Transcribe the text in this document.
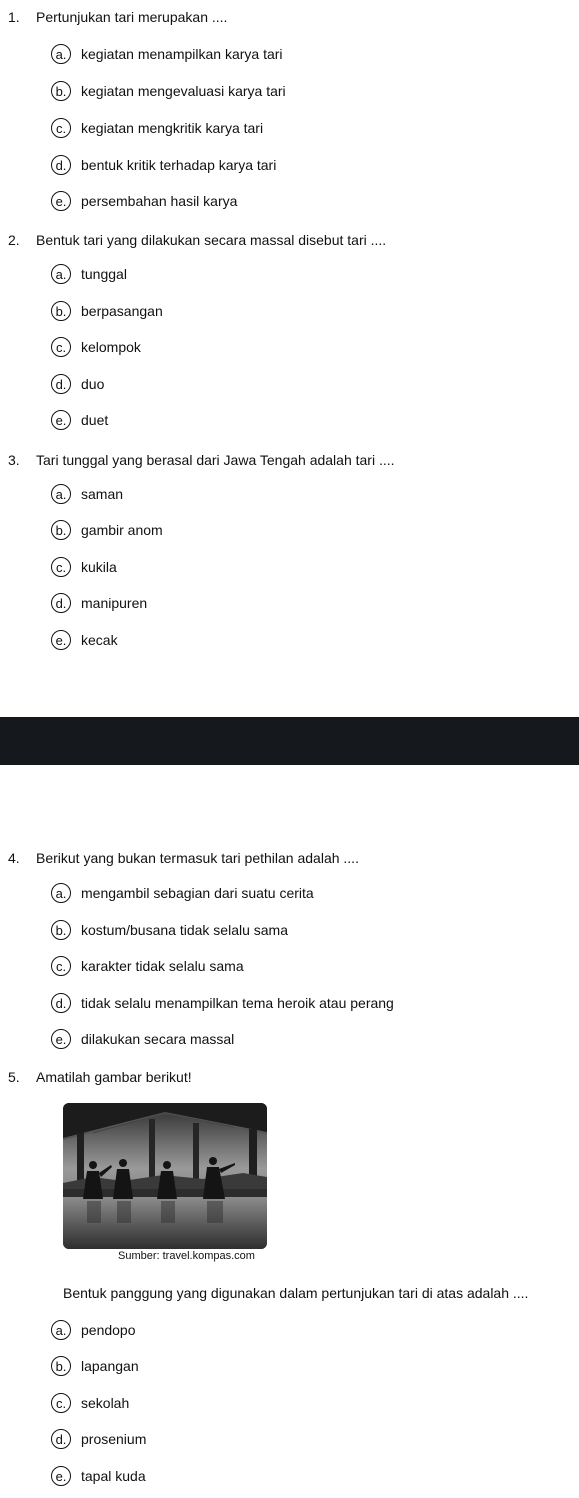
1. Pertunjukan tari merupakan ....
a.	kegiatan menampilkan karya tari
b.	kegiatan mengevaluasi karya tari
c.	kegiatan mengkritik karya tari
d.	bentuk kritik terhadap karya tari
e.	persembahan hasil karya
2. Bentuk tari yang dilakukan secara massal disebut tari ....
a.	tunggal
b.	berpasangan
c.	kelompok
d.	duo
e.	duet
3. Tari tunggal yang berasal dari Jawa Tengah adalah tari ....
a.	saman
b.	gambir anom
c.	kukila
d.	manipuren
e.	kecak
4. Berikut yang bukan termasuk tari pethilan adalah ....
a.	mengambil sebagian dari suatu cerita
b.	kostum/busana tidak selalu sama
c.	karakter tidak selalu sama
d.	tidak selalu menampilkan tema heroik atau perang
e.	dilakukan secara massal
5. Amatilah gambar berikut!
Sumber: travel.kompas.com
Bentuk panggung yang digunakan dalam pertunjukan tari di atas adalah ....
a.	pendopo
b.	lapangan
c.	sekolah
d.	prosenium
e.	tapal kuda
